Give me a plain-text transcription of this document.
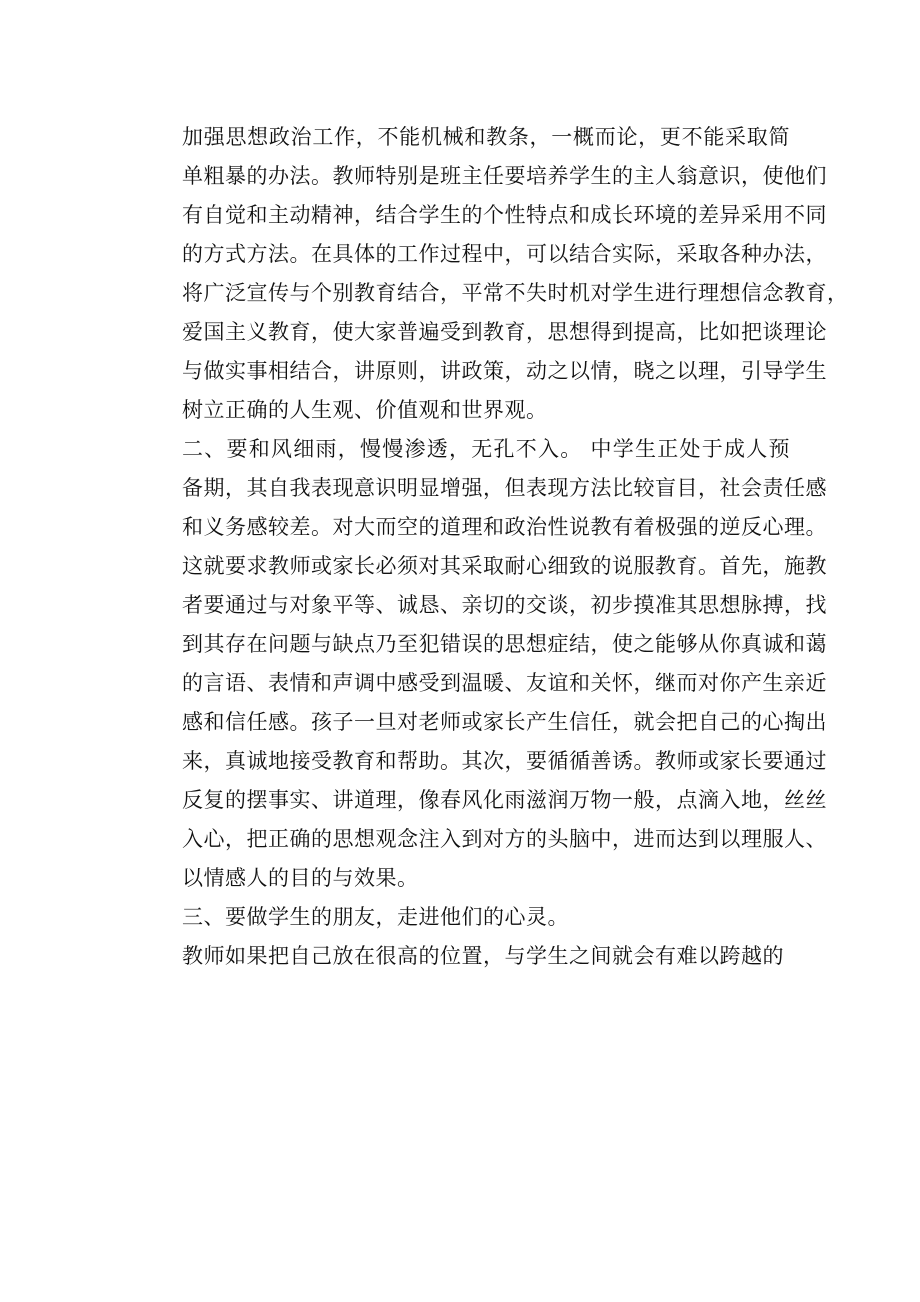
加强思想政治工作，不能机械和教条，一概而论，更不能采取简
单粗暴的办法。教师特别是班主任要培养学生的主人翁意识，使他们
有自觉和主动精神，结合学生的个性特点和成长环境的差异采用不同
的方式方法。在具体的工作过程中，可以结合实际，采取各种办法，
将广泛宣传与个别教育结合，平常不失时机对学生进行理想信念教育，
爱国主义教育，使大家普遍受到教育，思想得到提高，比如把谈理论
与做实事相结合，讲原则，讲政策，动之以情，晓之以理，引导学生
树立正确的人生观、价值观和世界观。

二、要和风细雨，慢慢渗透，无孔不入。 中学生正处于成人预
备期，其自我表现意识明显增强，但表现方法比较盲目，社会责任感
和义务感较差。对大而空的道理和政治性说教有着极强的逆反心理。
这就要求教师或家长必须对其采取耐心细致的说服教育。首先，施教
者要通过与对象平等、诚恳、亲切的交谈，初步摸准其思想脉搏，找
到其存在问题与缺点乃至犯错误的思想症结，使之能够从你真诚和蔼
的言语、表情和声调中感受到温暖、友谊和关怀，继而对你产生亲近
感和信任感。孩子一旦对老师或家长产生信任，就会把自己的心掏出
来，真诚地接受教育和帮助。其次，要循循善诱。教师或家长要通过
反复的摆事实、讲道理，像春风化雨滋润万物一般，点滴入地，丝丝
入心，把正确的思想观念注入到对方的头脑中，进而达到以理服人、
以情感人的目的与效果。

三、要做学生的朋友，走进他们的心灵。

教师如果把自己放在很高的位置，与学生之间就会有难以跨越的
